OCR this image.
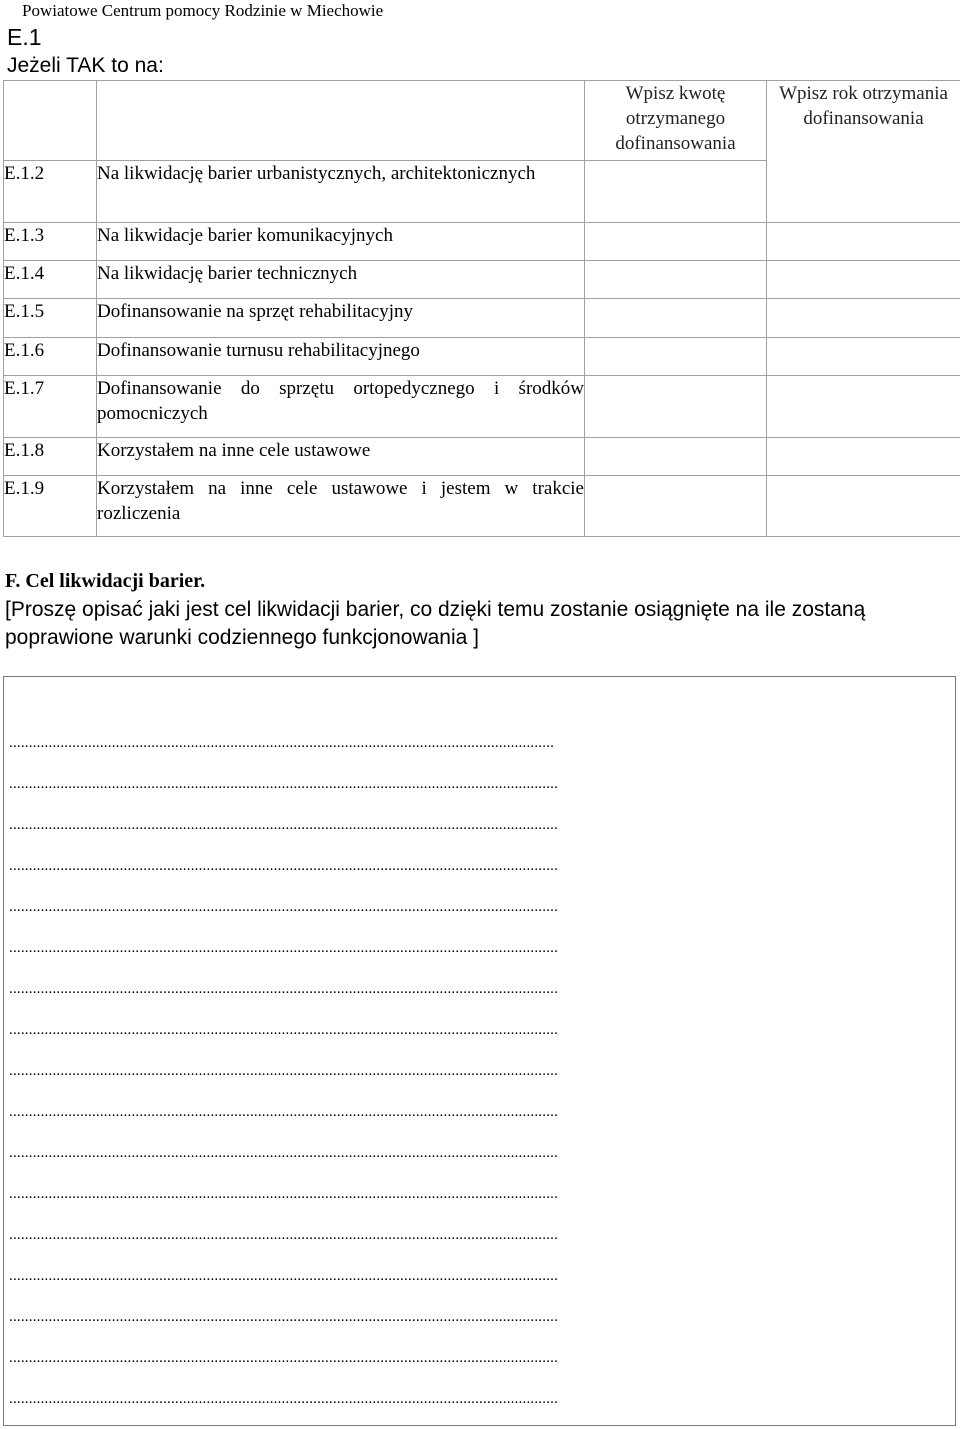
Powiatowe Centrum pomocy Rodzinie w Miechowie
E.1
Jeżeli TAK to na:
		Wpisz kwotę otrzymanego dofinansowania	Wpisz rok otrzymania dofinansowania
E.1.2	Na likwidację barier urbanistycznych, architektonicznych		
E.1.3	Na likwidacje barier komunikacyjnych		
E.1.4	Na likwidację barier technicznych		
E.1.5	Dofinansowanie na sprzęt rehabilitacyjny		
E.1.6	Dofinansowanie turnusu rehabilitacyjnego		
E.1.7	Dofinansowanie do sprzętu ortopedycznego i środków pomocniczych		
E.1.8	Korzystałem na inne cele ustawowe		
E.1.9	Korzystałem na inne cele ustawowe i jestem w trakcie rozliczenia		
F. Cel likwidacji barier.
[Proszę opisać jaki jest cel likwidacji barier, co dzięki temu zostanie osiągnięte na ile zostaną poprawione warunki codziennego funkcjonowania ]
..........................................................................................................................................
...........................................................................................................................................
...........................................................................................................................................
...........................................................................................................................................
...........................................................................................................................................
...........................................................................................................................................
...........................................................................................................................................
...........................................................................................................................................
...........................................................................................................................................
...........................................................................................................................................
...........................................................................................................................................
...........................................................................................................................................
...........................................................................................................................................
...........................................................................................................................................
...........................................................................................................................................
...........................................................................................................................................
...........................................................................................................................................
